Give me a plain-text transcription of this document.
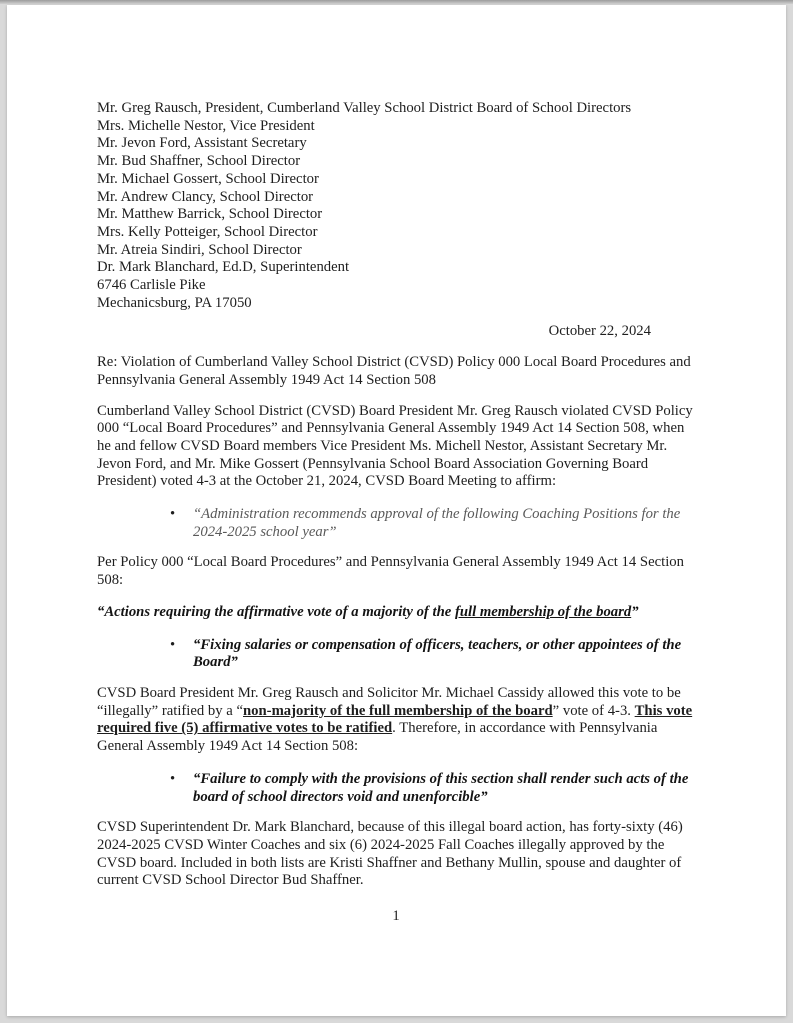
Mr. Greg Rausch, President, Cumberland Valley School District Board of School Directors
Mrs. Michelle Nestor, Vice President
Mr. Jevon Ford, Assistant Secretary
Mr. Bud Shaffner, School Director
Mr. Michael Gossert, School Director
Mr. Andrew Clancy, School Director
Mr. Matthew Barrick, School Director
Mrs. Kelly Potteiger, School Director
Mr. Atreia Sindiri, School Director
Dr. Mark Blanchard, Ed.D, Superintendent
6746 Carlisle Pike
Mechanicsburg, PA 17050
October 22, 2024

Re: Violation of Cumberland Valley School District (CVSD) Policy 000 Local Board Procedures and Pennsylvania General Assembly 1949 Act 14 Section 508

Cumberland Valley School District (CVSD) Board President Mr. Greg Rausch violated CVSD Policy 000 “Local Board Procedures” and Pennsylvania General Assembly 1949 Act 14 Section 508, when he and fellow CVSD Board members Vice President Ms. Michell Nestor, Assistant Secretary Mr. Jevon Ford, and Mr. Mike Gossert (Pennsylvania School Board Association Governing Board President) voted 4-3 at the October 21, 2024, CVSD Board Meeting to affirm:

•	“Administration recommends approval of the following Coaching Positions for the 2024-2025 school year”

Per Policy 000 “Local Board Procedures” and Pennsylvania General Assembly 1949 Act 14 Section 508:

“Actions requiring the affirmative vote of a majority of the full membership of the board”

•	“Fixing salaries or compensation of officers, teachers, or other appointees of the Board”

CVSD Board President Mr. Greg Rausch and Solicitor Mr. Michael Cassidy allowed this vote to be “illegally” ratified by a “non-majority of the full membership of the board” vote of 4-3. This vote required five (5) affirmative votes to be ratified. Therefore, in accordance with Pennsylvania General Assembly 1949 Act 14 Section 508:

•	“Failure to comply with the provisions of this section shall render such acts of the board of school directors void and unenforcible”

CVSD Superintendent Dr. Mark Blanchard, because of this illegal board action, has forty-sixty (46) 2024-2025 CVSD Winter Coaches and six (6) 2024-2025 Fall Coaches illegally approved by the CVSD board. Included in both lists are Kristi Shaffner and Bethany Mullin, spouse and daughter of current CVSD School Director Bud Shaffner.

1
